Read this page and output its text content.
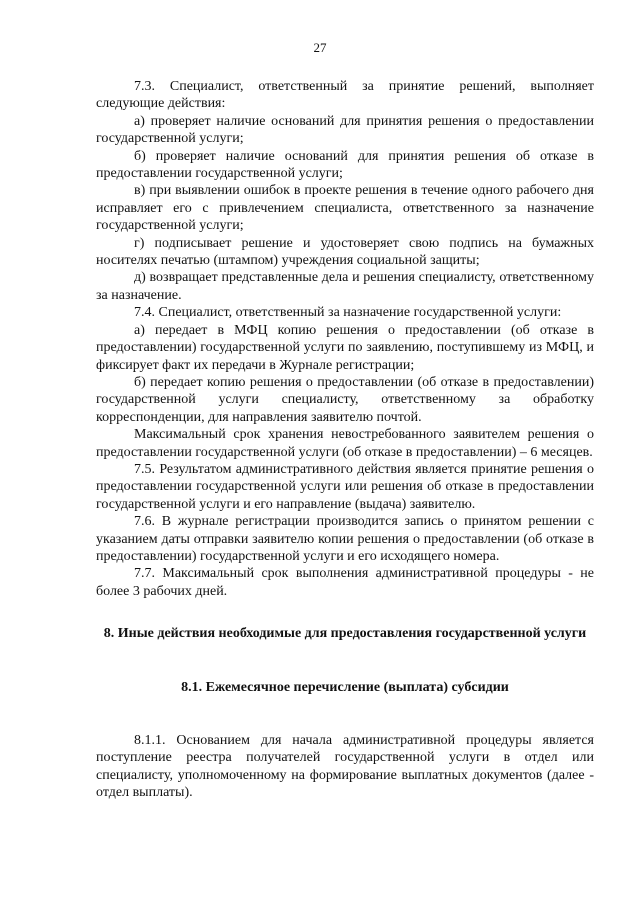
27

7.3. Специалист, ответственный за принятие решений, выполняет следующие действия:

а) проверяет наличие оснований для принятия решения о предоставлении государственной услуги;

б) проверяет наличие оснований для принятия решения об отказе в предоставлении государственной услуги;

в) при выявлении ошибок в проекте решения в течение одного рабочего дня исправляет его с привлечением специалиста, ответственного за назначение государственной услуги;

г) подписывает решение и удостоверяет свою подпись на бумажных носителях печатью (штампом) учреждения социальной защиты;

д) возвращает представленные дела и решения специалисту, ответственному за назначение.

7.4. Специалист, ответственный за назначение государственной услуги:

а) передает в МФЦ копию решения о предоставлении (об отказе в предоставлении) государственной услуги по заявлению, поступившему из МФЦ, и фиксирует факт их передачи в Журнале регистрации;

б) передает копию решения о предоставлении (об отказе в предоставлении) государственной услуги специалисту, ответственному за обработку корреспонденции, для направления заявителю почтой.

Максимальный срок хранения невостребованного заявителем решения о предоставлении государственной услуги (об отказе в предоставлении) – 6 месяцев.

7.5. Результатом административного действия является принятие решения о предоставлении государственной услуги или решения об отказе в предоставлении государственной услуги и его направление (выдача) заявителю.

7.6. В журнале регистрации производится запись о принятом решении с указанием даты отправки заявителю копии решения о предоставлении (об отказе в предоставлении) государственной услуги и его исходящего номера.

7.7. Максимальный срок выполнения административной процедуры - не более 3 рабочих дней.

8. Иные действия необходимые для предоставления государственной услуги

8.1. Ежемесячное перечисление (выплата) субсидии

8.1.1. Основанием для начала административной процедуры является поступление реестра получателей государственной услуги в отдел или специалисту, уполномоченному на формирование выплатных документов (далее - отдел выплаты).
